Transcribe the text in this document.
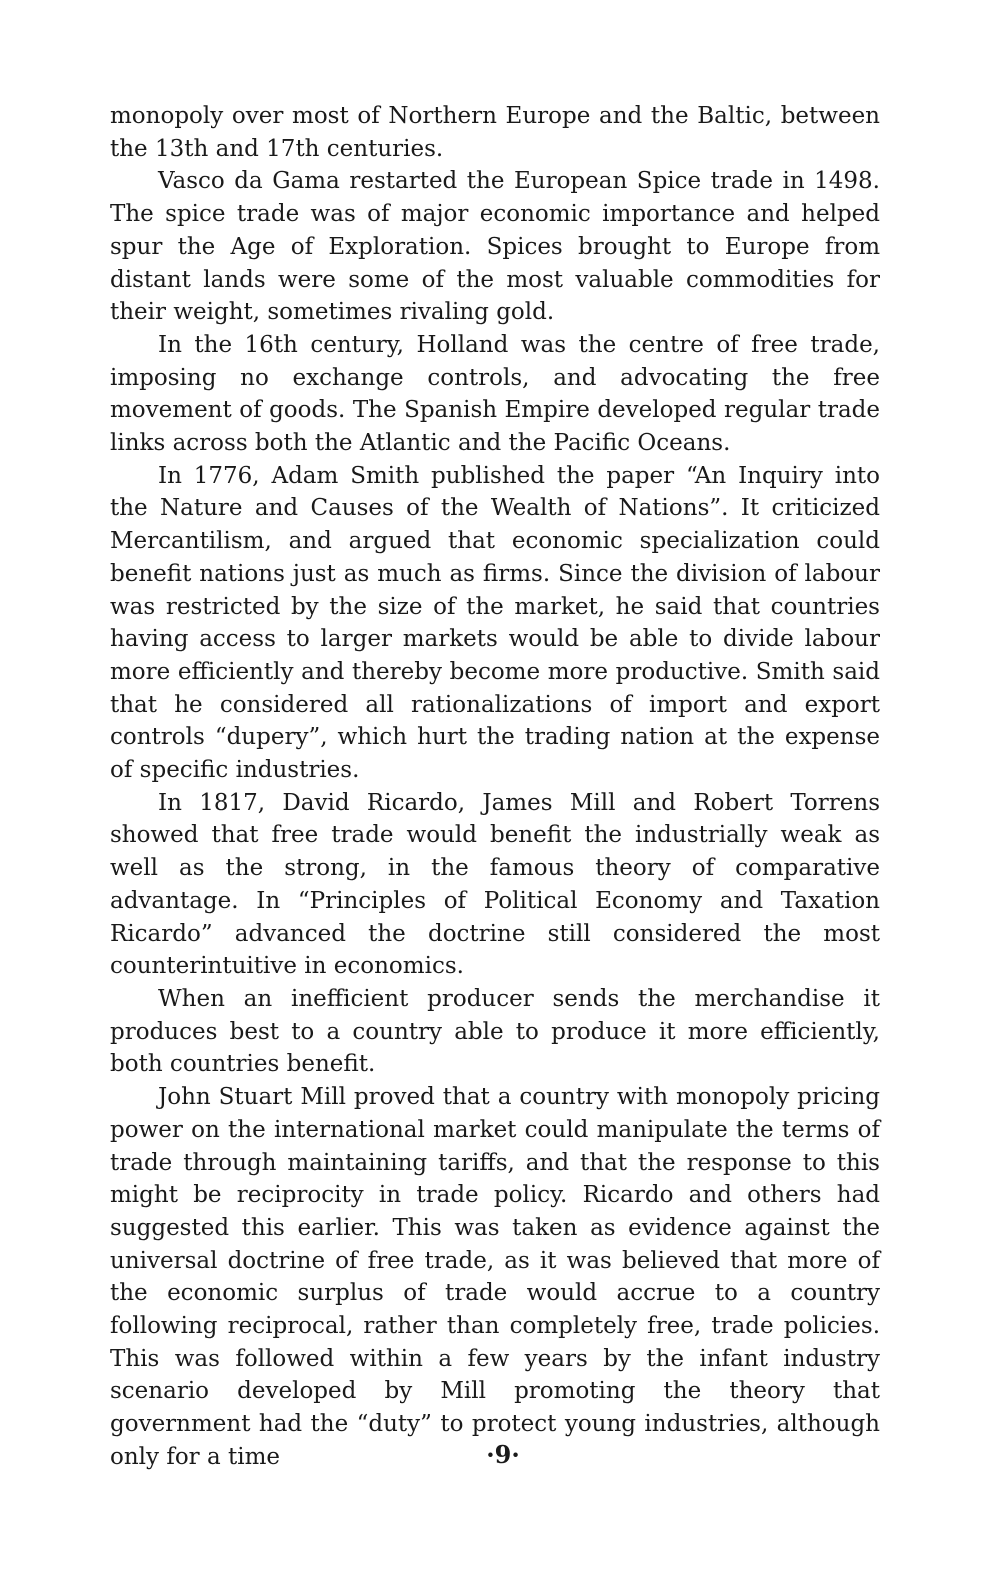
monopoly over most of Northern Europe and the Baltic, between the 13th and 17th centuries.

Vasco da Gama restarted the European Spice trade in 1498. The spice trade was of major economic importance and helped spur the Age of Exploration. Spices brought to Europe from distant lands were some of the most valuable commodities for their weight, sometimes rivaling gold.

In the 16th century, Holland was the centre of free trade, imposing no exchange controls, and advocating the free movement of goods. The Spanish Empire developed regular trade links across both the Atlantic and the Pacific Oceans.

In 1776, Adam Smith published the paper “An Inquiry into the Nature and Causes of the Wealth of Nations”. It criticized Mercantilism, and argued that economic specialization could benefit nations just as much as firms. Since the division of labour was restricted by the size of the market, he said that countries having access to larger markets would be able to divide labour more efficiently and thereby become more productive. Smith said that he considered all rationalizations of import and export controls “dupery”, which hurt the trading nation at the expense of specific industries.

In 1817, David Ricardo, James Mill and Robert Torrens showed that free trade would benefit the industrially weak as well as the strong, in the famous theory of comparative advantage. In “Principles of Political Economy and Taxation Ricardo” advanced the doctrine still considered the most counterintuitive in economics.

When an inefficient producer sends the merchandise it produces best to a country able to produce it more efficiently, both countries benefit.

John Stuart Mill proved that a country with monopoly pricing power on the international market could manipulate the terms of trade through maintaining tariffs, and that the response to this might be reciprocity in trade policy. Ricardo and others had suggested this earlier. This was taken as evidence against the universal doctrine of free trade, as it was believed that more of the economic surplus of trade would accrue to a country following reciprocal, rather than completely free, trade policies. This was followed within a few years by the infant industry scenario developed by Mill promoting the theory that government had the “duty” to protect young industries, although only for a time	·9·
